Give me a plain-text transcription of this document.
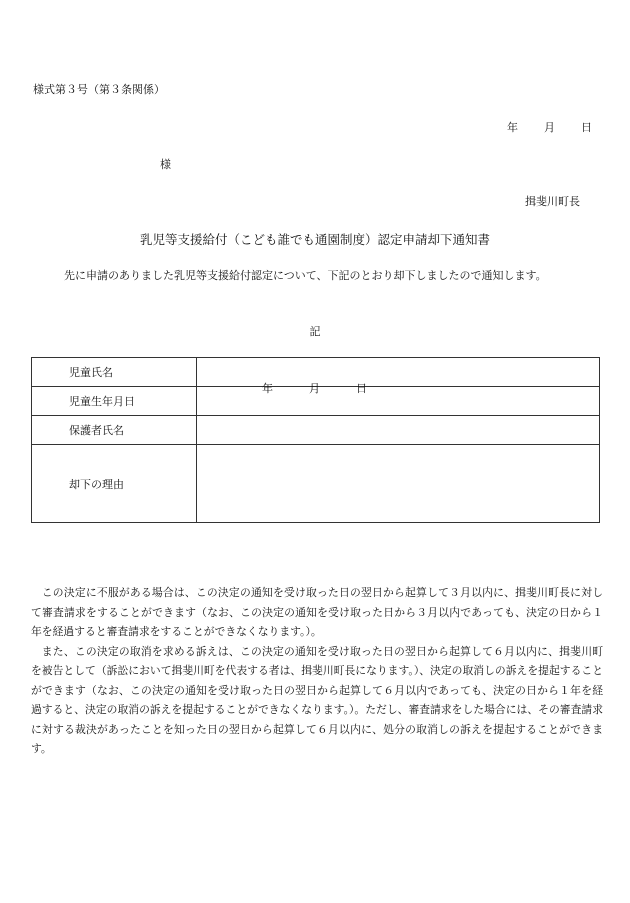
様式第３号（第３条関係）
年 月 日
様
揖斐川町長
乳児等支援給付（こども誰でも通園制度）認定申請却下通知書
先に申請のありました乳児等支援給付認定について、下記のとおり却下しましたので通知します。
記
児童氏名	
児童生年月日	年 月 日

保護者氏名	
却下の理由	

この決定に不服がある場合は、この決定の通知を受け取った日の翌日から起算して３月以内に、揖斐川町長に対して審査請求をすることができます（なお、この決定の通知を受け取った日から３月以内であっても、決定の日から１年を経過すると審査請求をすることができなくなります。）。

また、この決定の取消を求める訴えは、この決定の通知を受け取った日の翌日から起算して６月以内に、揖斐川町を被告として（訴訟において揖斐川町を代表する者は、揖斐川町長になります。）、決定の取消しの訴えを提起することができます（なお、この決定の通知を受け取った日の翌日から起算して６月以内であっても、決定の日から１年を経過すると、決定の取消の訴えを提起することができなくなります。）。ただし、審査請求をした場合には、その審査請求に対する裁決があったことを知った日の翌日から起算して６月以内に、処分の取消しの訴えを提起することができます。
